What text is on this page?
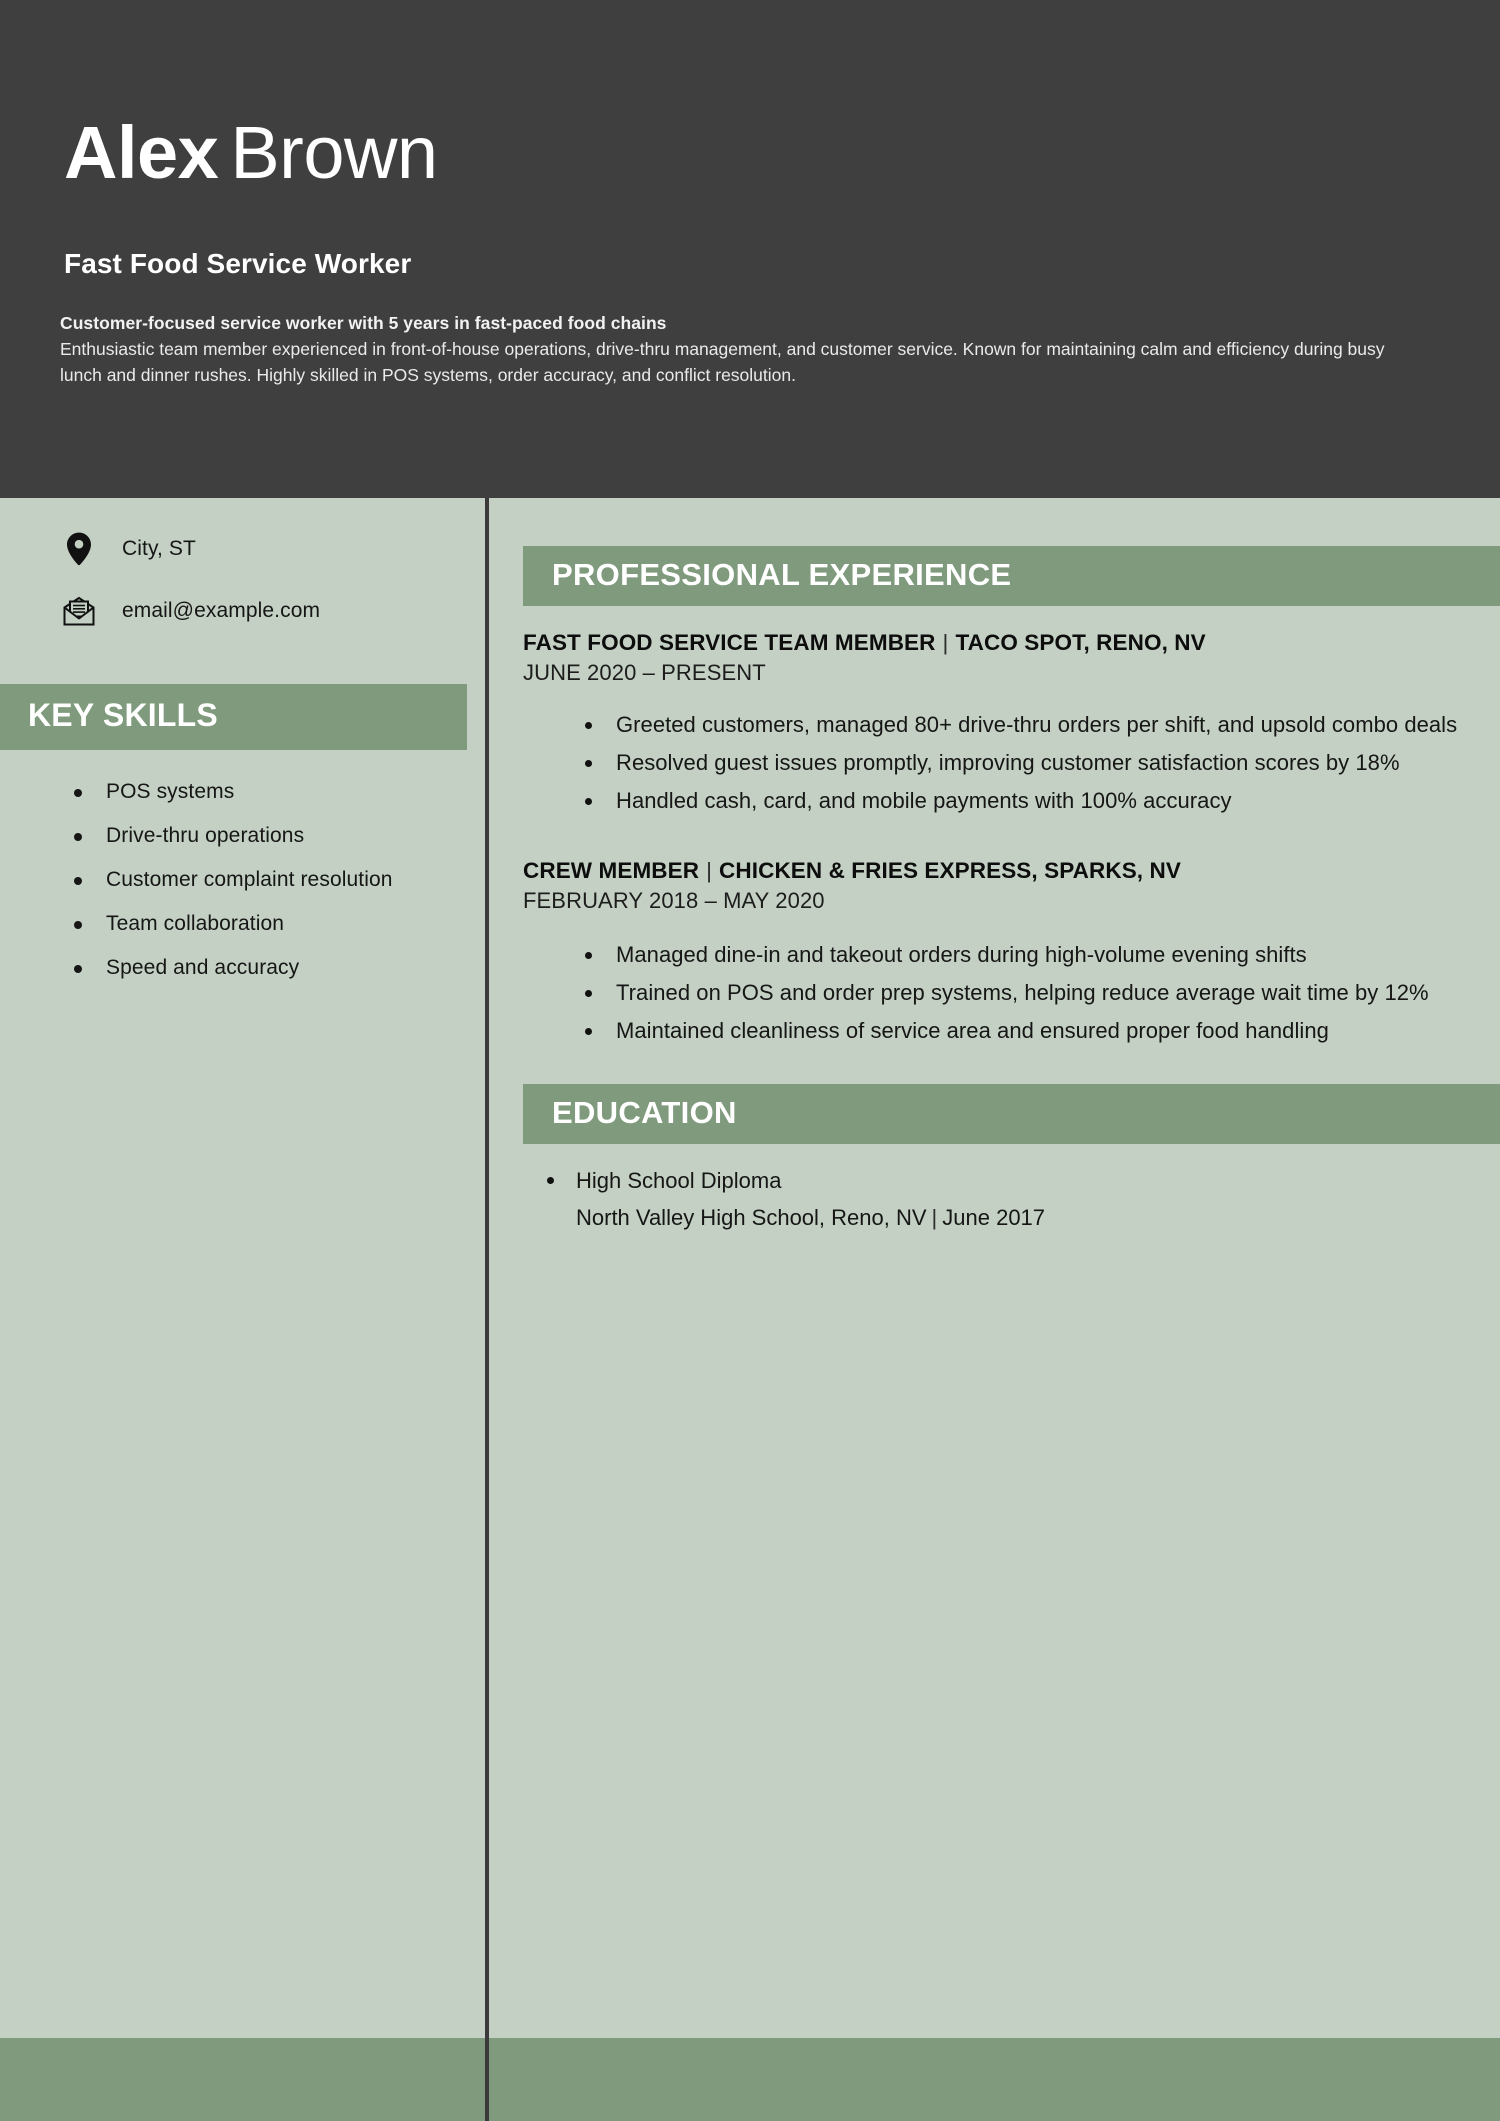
Alex Brown
Fast Food Service Worker
Customer-focused service worker with 5 years in fast-paced food chains
Enthusiastic team member experienced in front-of-house operations, drive-thru management, and customer service. Known for maintaining calm and efficiency during busy lunch and dinner rushes. Highly skilled in POS systems, order accuracy, and conflict resolution.
City, ST
email@example.com
KEY SKILLS
POS systems
Drive-thru operations
Customer complaint resolution
Team collaboration
Speed and accuracy
PROFESSIONAL EXPERIENCE
FAST FOOD SERVICE TEAM MEMBER | TACO SPOT, RENO, NV
JUNE 2020 – PRESENT
Greeted customers, managed 80+ drive-thru orders per shift, and upsold combo deals
Resolved guest issues promptly, improving customer satisfaction scores by 18%
Handled cash, card, and mobile payments with 100% accuracy
CREW MEMBER | CHICKEN & FRIES EXPRESS, SPARKS, NV
FEBRUARY 2018 – MAY 2020
Managed dine-in and takeout orders during high-volume evening shifts
Trained on POS and order prep systems, helping reduce average wait time by 12%
Maintained cleanliness of service area and ensured proper food handling
EDUCATION
High School Diploma
North Valley High School, Reno, NV | June 2017
